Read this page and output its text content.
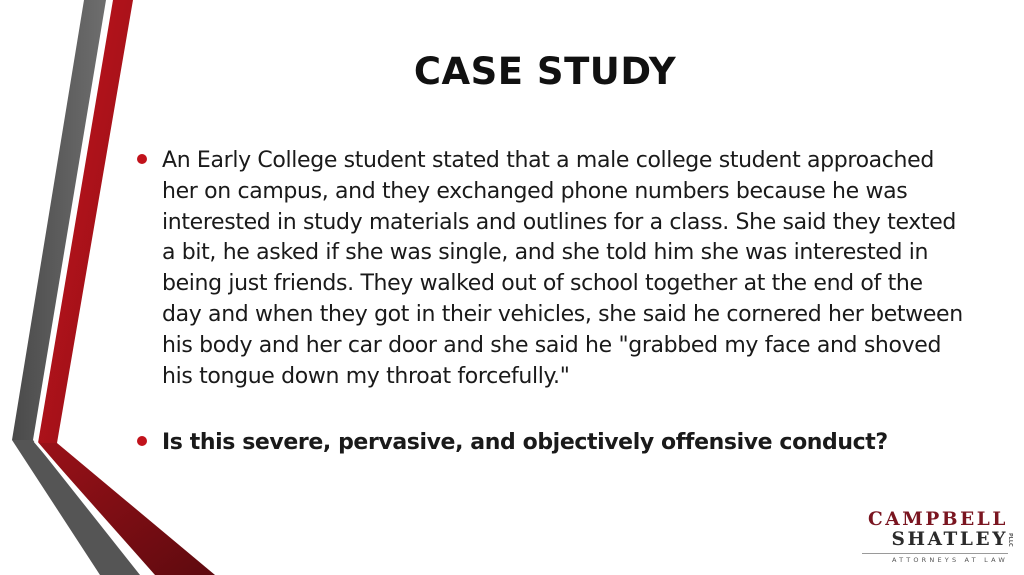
CASE STUDY
An Early College student stated that a male college student approached her on campus, and they exchanged phone numbers because he was interested in study materials and outlines for a class. She said they texted a bit, he asked if she was single, and she told him she was interested in being just friends. They walked out of school together at the end of the day and when they got in their vehicles, she said he cornered her between his body and her car door and she said he "grabbed my face and shoved his tongue down my throat forcefully."
Is this severe, pervasive, and objectively offensive conduct?
CAMPBELL
SHATLEY PLLC
ATTORNEYS AT LAW
